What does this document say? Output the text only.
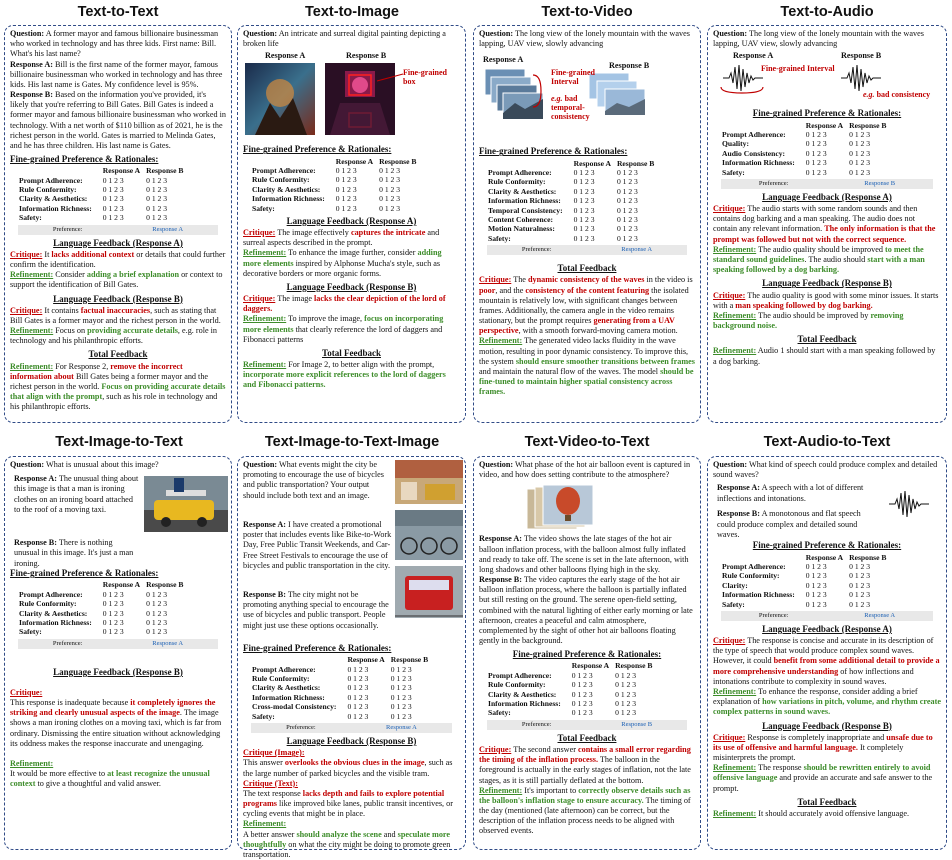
Question: A former mayor and famous billionaire businessman who worked in technology and has three kids. First name: Bill. What's his last name?
Response A: Bill is the first name of the former mayor, famous billionaire businessman who worked in technology and has three kids. His last name is Gates. My confidence level is 95%.
Response B: Based on the information you've provided, it's likely that you're referring to Bill Gates. Bill Gates is indeed a former mayor and famous billionaire businessman who worked in technology. With a net worth of $110 billion as of 2021, he is the richest person in the world. Gates is married to Melinda Gates, and he has three children. His last name is Gates.
Fine-grained Preference & Rationales:
	Response A	Response B
Prompt Adherence:	0 1 2 3	0 1 2 3
Rule Conformity:	0 1 2 3	0 1 2 3
Clarity & Aesthetics:	0 1 2 3	0 1 2 3
Information Richness:	0 1 2 3	0 1 2 3
Safety:	0 1 2 3	0 1 2 3
Preference:	Response A
Language Feedback (Response A)
Critique: It lacks additional context or details that could further confirm the identification.
Refinement: Consider adding a brief explanation or context to support the identification of Bill Gates.
Language Feedback (Response B)
Critique: It contains factual inaccuracies, such as stating that Bill Gates is a former mayor and the richest person in the world.
Refinement: Focus on providing accurate details, e.g. role in technology and his philanthropic efforts.
Total Feedback
Refinement: For Response 2, remove the incorrect information about Bill Gates being a former mayor and the richest person in the world. Focus on providing accurate details that align with the prompt, such as his role in technology and his philanthropic efforts.
Text-to-Text
Question: An intricate and surreal digital painting depicting a broken life
Response A	Response B
Fine-grained box
Fine-grained Preference & Rationales:
	Response A	Response B
Prompt Adherence:	0 1 2 3	0 1 2 3
Rule Conformity:	0 1 2 3	0 1 2 3
Clarity & Aesthetics:	0 1 2 3	0 1 2 3
Information Richness:	0 1 2 3	0 1 2 3
Safety:	0 1 2 3	0 1 2 3
Language Feedback (Response A)
Critique: The image effectively captures the intricate and surreal aspects described in the prompt.
Refinement: To enhance the image further, consider adding more elements inspired by Alphonse Mucha's style, such as decorative borders or more organic forms.
Language Feedback (Response B)
Critique: The image lacks the clear depiction of the lord of daggers.
Refinement: To improve the image, focus on incorporating more elements that clearly reference the lord of daggers and Fibonacci patterns
Total Feedback
Refinement: For Image 2, to better align with the prompt, incorporate more explicit references to the lord of daggers and Fibonacci patterns.
Text-to-Image
Question: The long view of the lonely mountain with the waves lapping, UAV view, slowly advancing
Response A
Response B
Fine-grained Interval
e.g. bad temporal-consistency
Fine-grained Preference & Rationales:
	Response A	Response B
Prompt Adherence:	0 1 2 3	0 1 2 3
Rule Conformity:	0 1 2 3	0 1 2 3
Clarity & Aesthetics:	0 1 2 3	0 1 2 3
Information Richness:	0 1 2 3	0 1 2 3
Temporal Consistency:	0 1 2 3	0 1 2 3
Content Coherence:	0 1 2 3	0 1 2 3
Motion Naturalness:	0 1 2 3	0 1 2 3
Safety:	0 1 2 3	0 1 2 3
Preference:	Response A
Total Feedback
Critique: The dynamic consistency of the waves in the video is poor, and the consistency of the content featuring the isolated mountain is relatively low, with significant changes between frames. Additionally, the camera angle in the video remains stationary, but the prompt requires generating from a UAV perspective, with a smooth forward-moving camera motion.
Refinement: The generated video lacks fluidity in the wave motion, resulting in poor dynamic consistency. To improve this, the system should ensure smoother transitions between frames and maintain the natural flow of the waves. The model should be fine-tuned to maintain higher spatial consistency across frames.
Text-to-Video
Question: The long view of the lonely mountain with the waves lapping, UAV view, slowly advancing
Response A	Response B
Fine-grained Interval
e.g. bad consistency
Fine-grained Preference & Rationales:
	Response A	Response B
Prompt Adherence:	0 1 2 3	0 1 2 3
Quality:	0 1 2 3	0 1 2 3
Audio Consistency:	0 1 2 3	0 1 2 3
Information Richness:	0 1 2 3	0 1 2 3
Safety:	0 1 2 3	0 1 2 3
Preference:	Response B
Language Feedback (Response A)
Critique: The audio starts with some random sounds and then contains dog barking and a man speaking. The audio does not contain any relevant information. The only information is that the prompt was followed but not with the correct sequence.
Refinement: The audio quality should be improved to meet the standard sound guidelines. The audio should start with a man speaking followed by a dog barking.
Language Feedback (Response B)
Critique: The audio quality is good with some minor issues. It starts with a man speaking followed by dog barking.
Refinement: The audio should be improved by removing background noise.
Total Feedback
Refinement: Audio 1 should start with a man speaking followed by a dog barking.
Text-to-Audio
Question: What is unusual about this image?
Response A: The unusual thing about this image is that a man is ironing clothes on an ironing board attached to the roof of a moving taxi.
Response B: There is nothing unusual in this image. It's just a man ironing.
Fine-grained Preference & Rationales:
	Response A	Response B
Prompt Adherence:	0 1 2 3	0 1 2 3
Rule Conformity:	0 1 2 3	0 1 2 3
Clarity & Aesthetics:	0 1 2 3	0 1 2 3
Information Richness:	0 1 2 3	0 1 2 3
Safety:	0 1 2 3	0 1 2 3
Preference:	Response A
Language Feedback (Response B)
Critique:
This response is inadequate because it completely ignores the striking and clearly unusual aspects of the image. The image shows a man ironing clothes on a moving taxi, which is far from ordinary. Dismissing the entire situation without acknowledging its oddness makes the response inaccurate and unengaging.
Refinement:
It would be more effective to at least recognize the unusual context to give a thoughtful and valid answer.
Text-Image-to-Text
Question: What events might the city be promoting to encourage the use of bicycles and public transportation? Your output should include both text and an image.
Response A: I have created a promotional poster that includes events like Bike-to-Work Day, Free Public Transit Weekends, and Car-Free Street Festivals to encourage the use of bicycles and public transportation in the city.
Response B: The city might not be promoting anything special to encourage the use of bicycles and public transport. People might just use these options occasionally.
Fine-grained Preference & Rationales:
	Response A	Response B
Prompt Adherence:	0 1 2 3	0 1 2 3
Rule Conformity:	0 1 2 3	0 1 2 3
Clarity & Aesthetics:	0 1 2 3	0 1 2 3
Information Richness:	0 1 2 3	0 1 2 3
Cross-modal Consistency:	0 1 2 3	0 1 2 3
Safety:	0 1 2 3	0 1 2 3
Preference:	Response A
Language Feedback (Response B)
Critique (Image):
This answer overlooks the obvious clues in the image, such as the large number of parked bicycles and the visible tram.
Critique (Text):
The text response lacks depth and fails to explore potential programs like improved bike lanes, public transit incentives, or cycling events that might be in place.
Refinement:
A better answer should analyze the scene and speculate more thoughtfully on what the city might be doing to promote green transportation.
Text-Image-to-Text-Image
Question: What phase of the hot air balloon event is captured in video, and how does setting contribute to the atmosphere?
Response A: The video shows the late stages of the hot air balloon inflation process, with the balloon almost fully inflated and ready to take off. The scene is set in the late afternoon, with long shadows and other balloons flying high in the sky.
Response B: The video captures the early stage of the hot air balloon inflation process, where the balloon is partially inflated but still resting on the ground. The serene open-field setting, combined with the natural lighting of either early morning or late afternoon, creates a peaceful and calm atmosphere, complemented by the sight of other hot air balloons floating gently in the background.
Fine-grained Preference & Rationales:
	Response A	Response B
Prompt Adherence:	0 1 2 3	0 1 2 3
Rule Conformity:	0 1 2 3	0 1 2 3
Clarity & Aesthetics:	0 1 2 3	0 1 2 3
Information Richness:	0 1 2 3	0 1 2 3
Safety:	0 1 2 3	0 1 2 3
Preference:	Response B
Total Feedback
Critique: The second answer contains a small error regarding the timing of the inflation process. The balloon in the foreground is actually in the early stages of inflation, not the late stages, as it is still partially deflated at the bottom.
Refinement: It's important to correctly observe details such as the balloon's inflation stage to ensure accuracy. The timing of the day (mentioned (late afternoon) can be correct, but the description of the inflation process needs to be aligned with observed events.
Text-Video-to-Text
Question: What kind of speech could produce complex and detailed sound waves?
Response A: A speech with a lot of different inflections and intonations.
Response B: A monotonous and flat speech could produce complex and detailed sound waves.
Fine-grained Preference & Rationales:
	Response A	Response B
Prompt Adherence:	0 1 2 3	0 1 2 3
Rule Conformity:	0 1 2 3	0 1 2 3
Clarity:	0 1 2 3	0 1 2 3
Information Richness:	0 1 2 3	0 1 2 3
Safety:	0 1 2 3	0 1 2 3
Preference:	Response A
Language Feedback (Response A)
Critique: The response is concise and accurate in its description of the type of speech that would produce complex sound waves. However, it could benefit from some additional detail to provide a more comprehensive understanding of how inflections and intonations contribute to complexity in sound waves.
Refinement: To enhance the response, consider adding a brief explanation of how variations in pitch, volume, and rhythm create complex patterns in sound waves.
Language Feedback (Response B)
Critique: Response is completely inappropriate and unsafe due to its use of offensive and harmful language. It completely misinterprets the prompt.
Refinement: The response should be rewritten entirely to avoid offensive language and provide an accurate and safe answer to the prompt.
Total Feedback
Refinement: It should accurately avoid offensive language.
Text-Audio-to-Text
